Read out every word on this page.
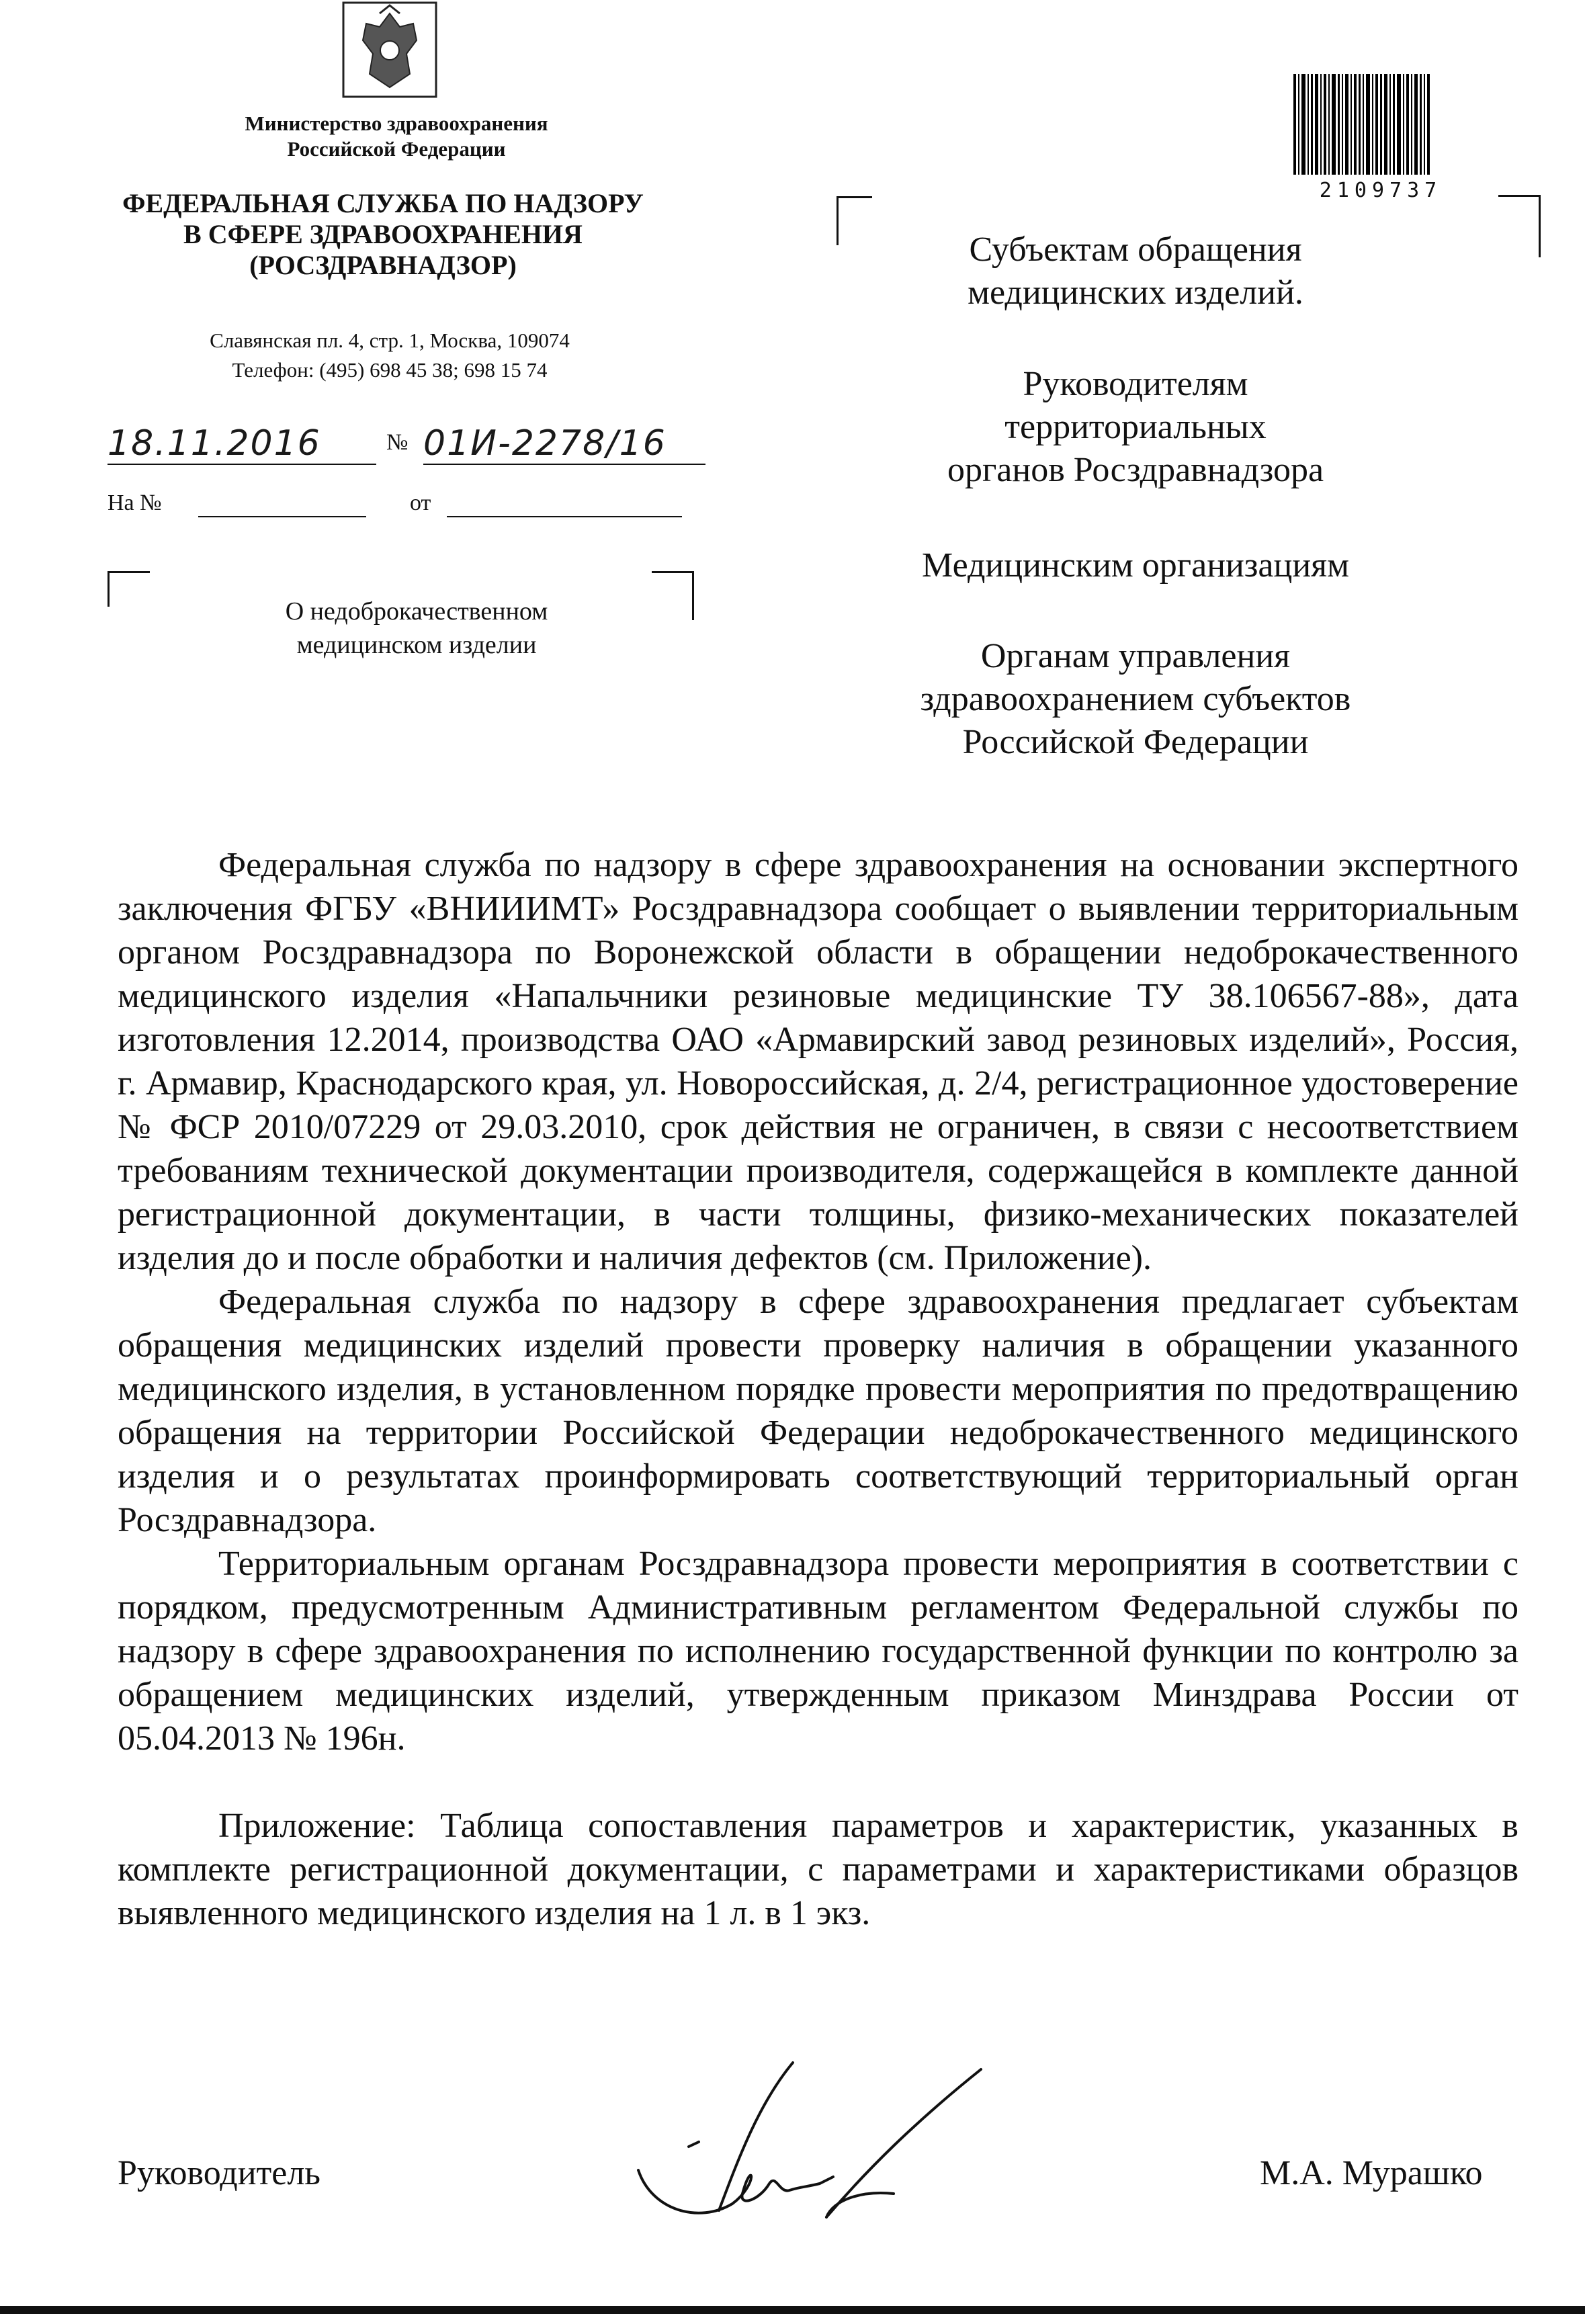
Министерство здравоохранения
Российской Федерации
ФЕДЕРАЛЬНАЯ СЛУЖБА ПО НАДЗОРУ
В СФЕРЕ ЗДРАВООХРАНЕНИЯ
(РОСЗДРАВНАДЗОР)
Славянская пл. 4, стр. 1, Москва, 109074
Телефон: (495) 698 45 38; 698 15 74
18.11.2016	№ 01И-2278/16
На №	от
О недоброкачественном
медицинском изделии
2109737
Субъектам обращения
медицинских изделий.
Руководителям
территориальных
органов Росздравнадзора
Медицинским организациям
Органам управления
здравоохранением субъектов
Российской Федерации

Федеральная служба по надзору в сфере здравоохранения на основании экспертного заключения ФГБУ «ВНИИИМТ» Росздравнадзора сообщает о выявлении территориальным органом Росздравнадзора по Воронежской области в обращении недоброкачественного медицинского изделия «Напальчники резиновые медицинские ТУ 38.106567-88», дата изготовления 12.2014, производства ОАО «Армавирский завод резиновых изделий», Россия, г. Армавир, Краснодарского края, ул. Новороссийская, д. 2/4, регистрационное удостоверение № ФСР 2010/07229 от 29.03.2010, срок действия не ограничен, в связи с несоответствием требованиям технической документации производителя, содержащейся в комплекте данной регистрационной документации, в части толщины, физико-механических показателей изделия до и после обработки и наличия дефектов (см. Приложение).

Федеральная служба по надзору в сфере здравоохранения предлагает субъектам обращения медицинских изделий провести проверку наличия в обращении указанного медицинского изделия, в установленном порядке провести мероприятия по предотвращению обращения на территории Российской Федерации недоброкачественного медицинского изделия и о результатах проинформировать соответствующий территориальный орган Росздравнадзора.

Территориальным органам Росздравнадзора провести мероприятия в соответствии с порядком, предусмотренным Административным регламентом Федеральной службы по надзору в сфере здравоохранения по исполнению государственной функции по контролю за обращением медицинских изделий, утвержденным приказом Минздрава России от 05.04.2013 № 196н.

Приложение: Таблица сопоставления параметров и характеристик, указанных в комплекте регистрационной документации, с параметрами и характеристиками образцов выявленного медицинского изделия на 1 л. в 1 экз.

Руководитель	М.А. Мурашко
